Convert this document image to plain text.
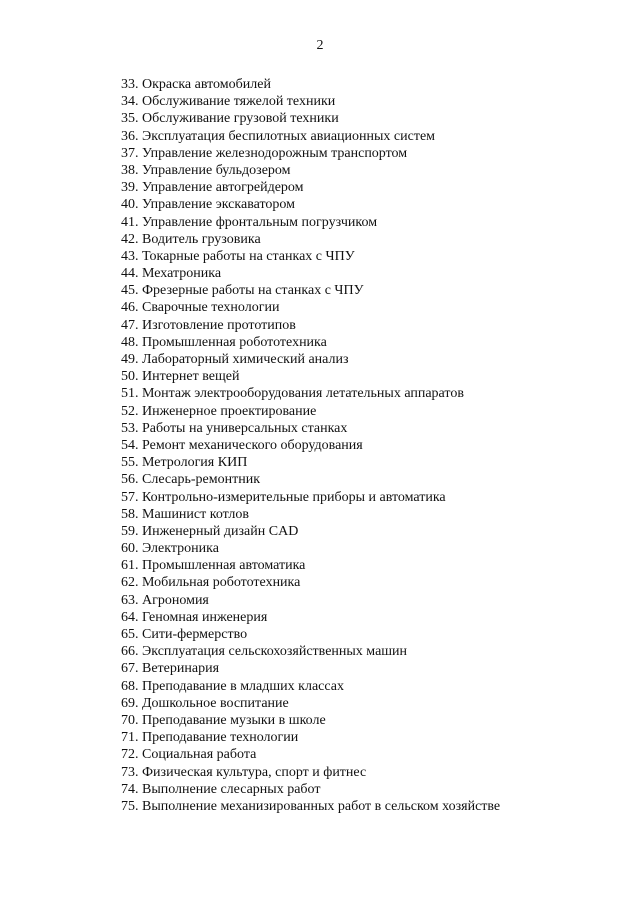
2
33. Окраска автомобилей
34. Обслуживание тяжелой техники
35. Обслуживание грузовой техники
36. Эксплуатация беспилотных авиационных систем
37. Управление железнодорожным транспортом
38. Управление бульдозером
39. Управление автогрейдером
40. Управление экскаватором
41. Управление фронтальным погрузчиком
42. Водитель грузовика
43. Токарные работы на станках с ЧПУ
44. Мехатроника
45. Фрезерные работы на станках с ЧПУ
46. Сварочные технологии
47. Изготовление прототипов
48. Промышленная робототехника
49. Лабораторный химический анализ
50. Интернет вещей
51. Монтаж электрооборудования летательных аппаратов
52. Инженерное проектирование
53. Работы на универсальных станках
54. Ремонт механического оборудования
55. Метрология КИП
56. Слесарь-ремонтник
57. Контрольно-измерительные приборы и автоматика
58. Машинист котлов
59. Инженерный дизайн CAD
60. Электроника
61. Промышленная автоматика
62. Мобильная робототехника
63. Агрономия
64. Геномная инженерия
65. Сити-фермерство
66. Эксплуатация сельскохозяйственных машин
67. Ветеринария
68. Преподавание в младших классах
69. Дошкольное воспитание
70. Преподавание музыки в школе
71. Преподавание технологии
72. Социальная работа
73. Физическая культура, спорт и фитнес
74. Выполнение слесарных работ
75. Выполнение механизированных работ в сельском хозяйстве
